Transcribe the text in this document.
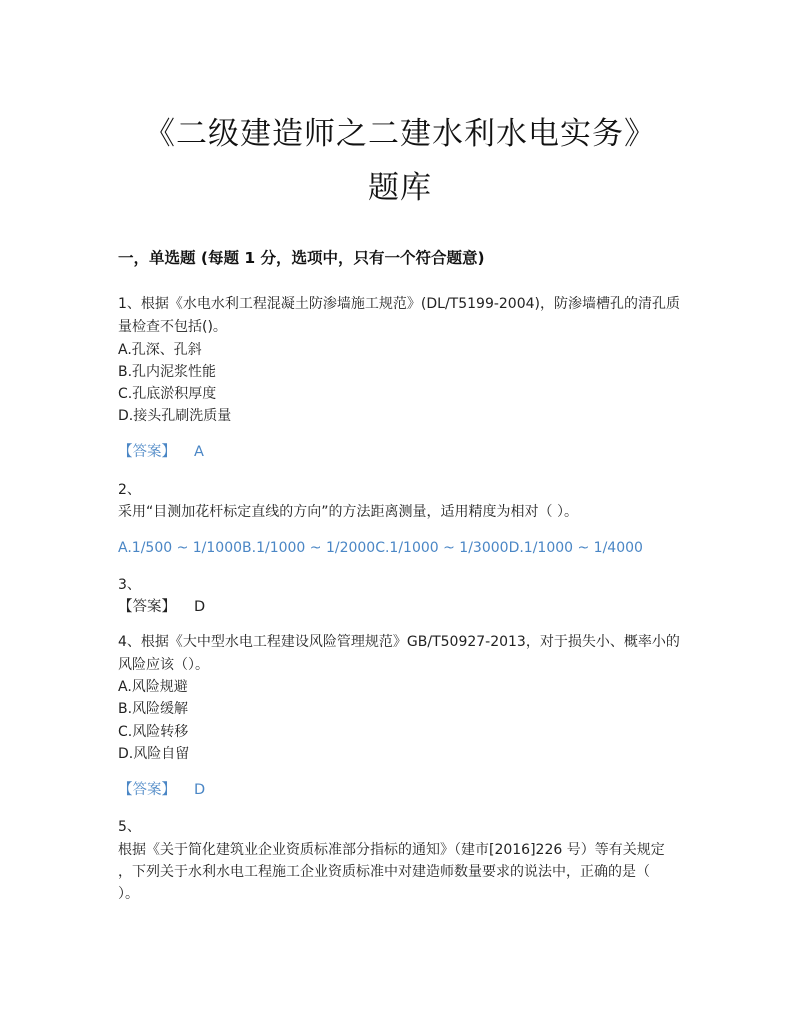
《二级建造师之二建水利水电实务》
题库
一，单选题 (每题 1 分，选项中，只有一个符合题意)
1、根据《水电水利工程混凝土防渗墙施工规范》(DL/T5199-2004)，防渗墙槽孔的清孔质
量检查不包括()。
A.孔深、孔斜
B.孔内泥浆性能
C.孔底淤积厚度
D.接头孔刷洗质量
【答案】 A
2、
采用“目测加花杆标定直线的方向”的方法距离测量，适用精度为相对（ ）。
A.1/500 ~ 1/1000B.1/1000 ~ 1/2000C.1/1000 ~ 1/3000D.1/1000 ~ 1/4000
3、
【答案】 D
4、根据《大中型水电工程建设风险管理规范》GB/T50927-2013，对于损失小、概率小的
风险应该（）。
A.风险规避
B.风险缓解
C.风险转移
D.风险自留
【答案】 D
5、
根据《关于简化建筑业企业资质标准部分指标的通知》（建市[2016]226 号）等有关规定
，下列关于水利水电工程施工企业资质标准中对建造师数量要求的说法中，正确的是（
）。
